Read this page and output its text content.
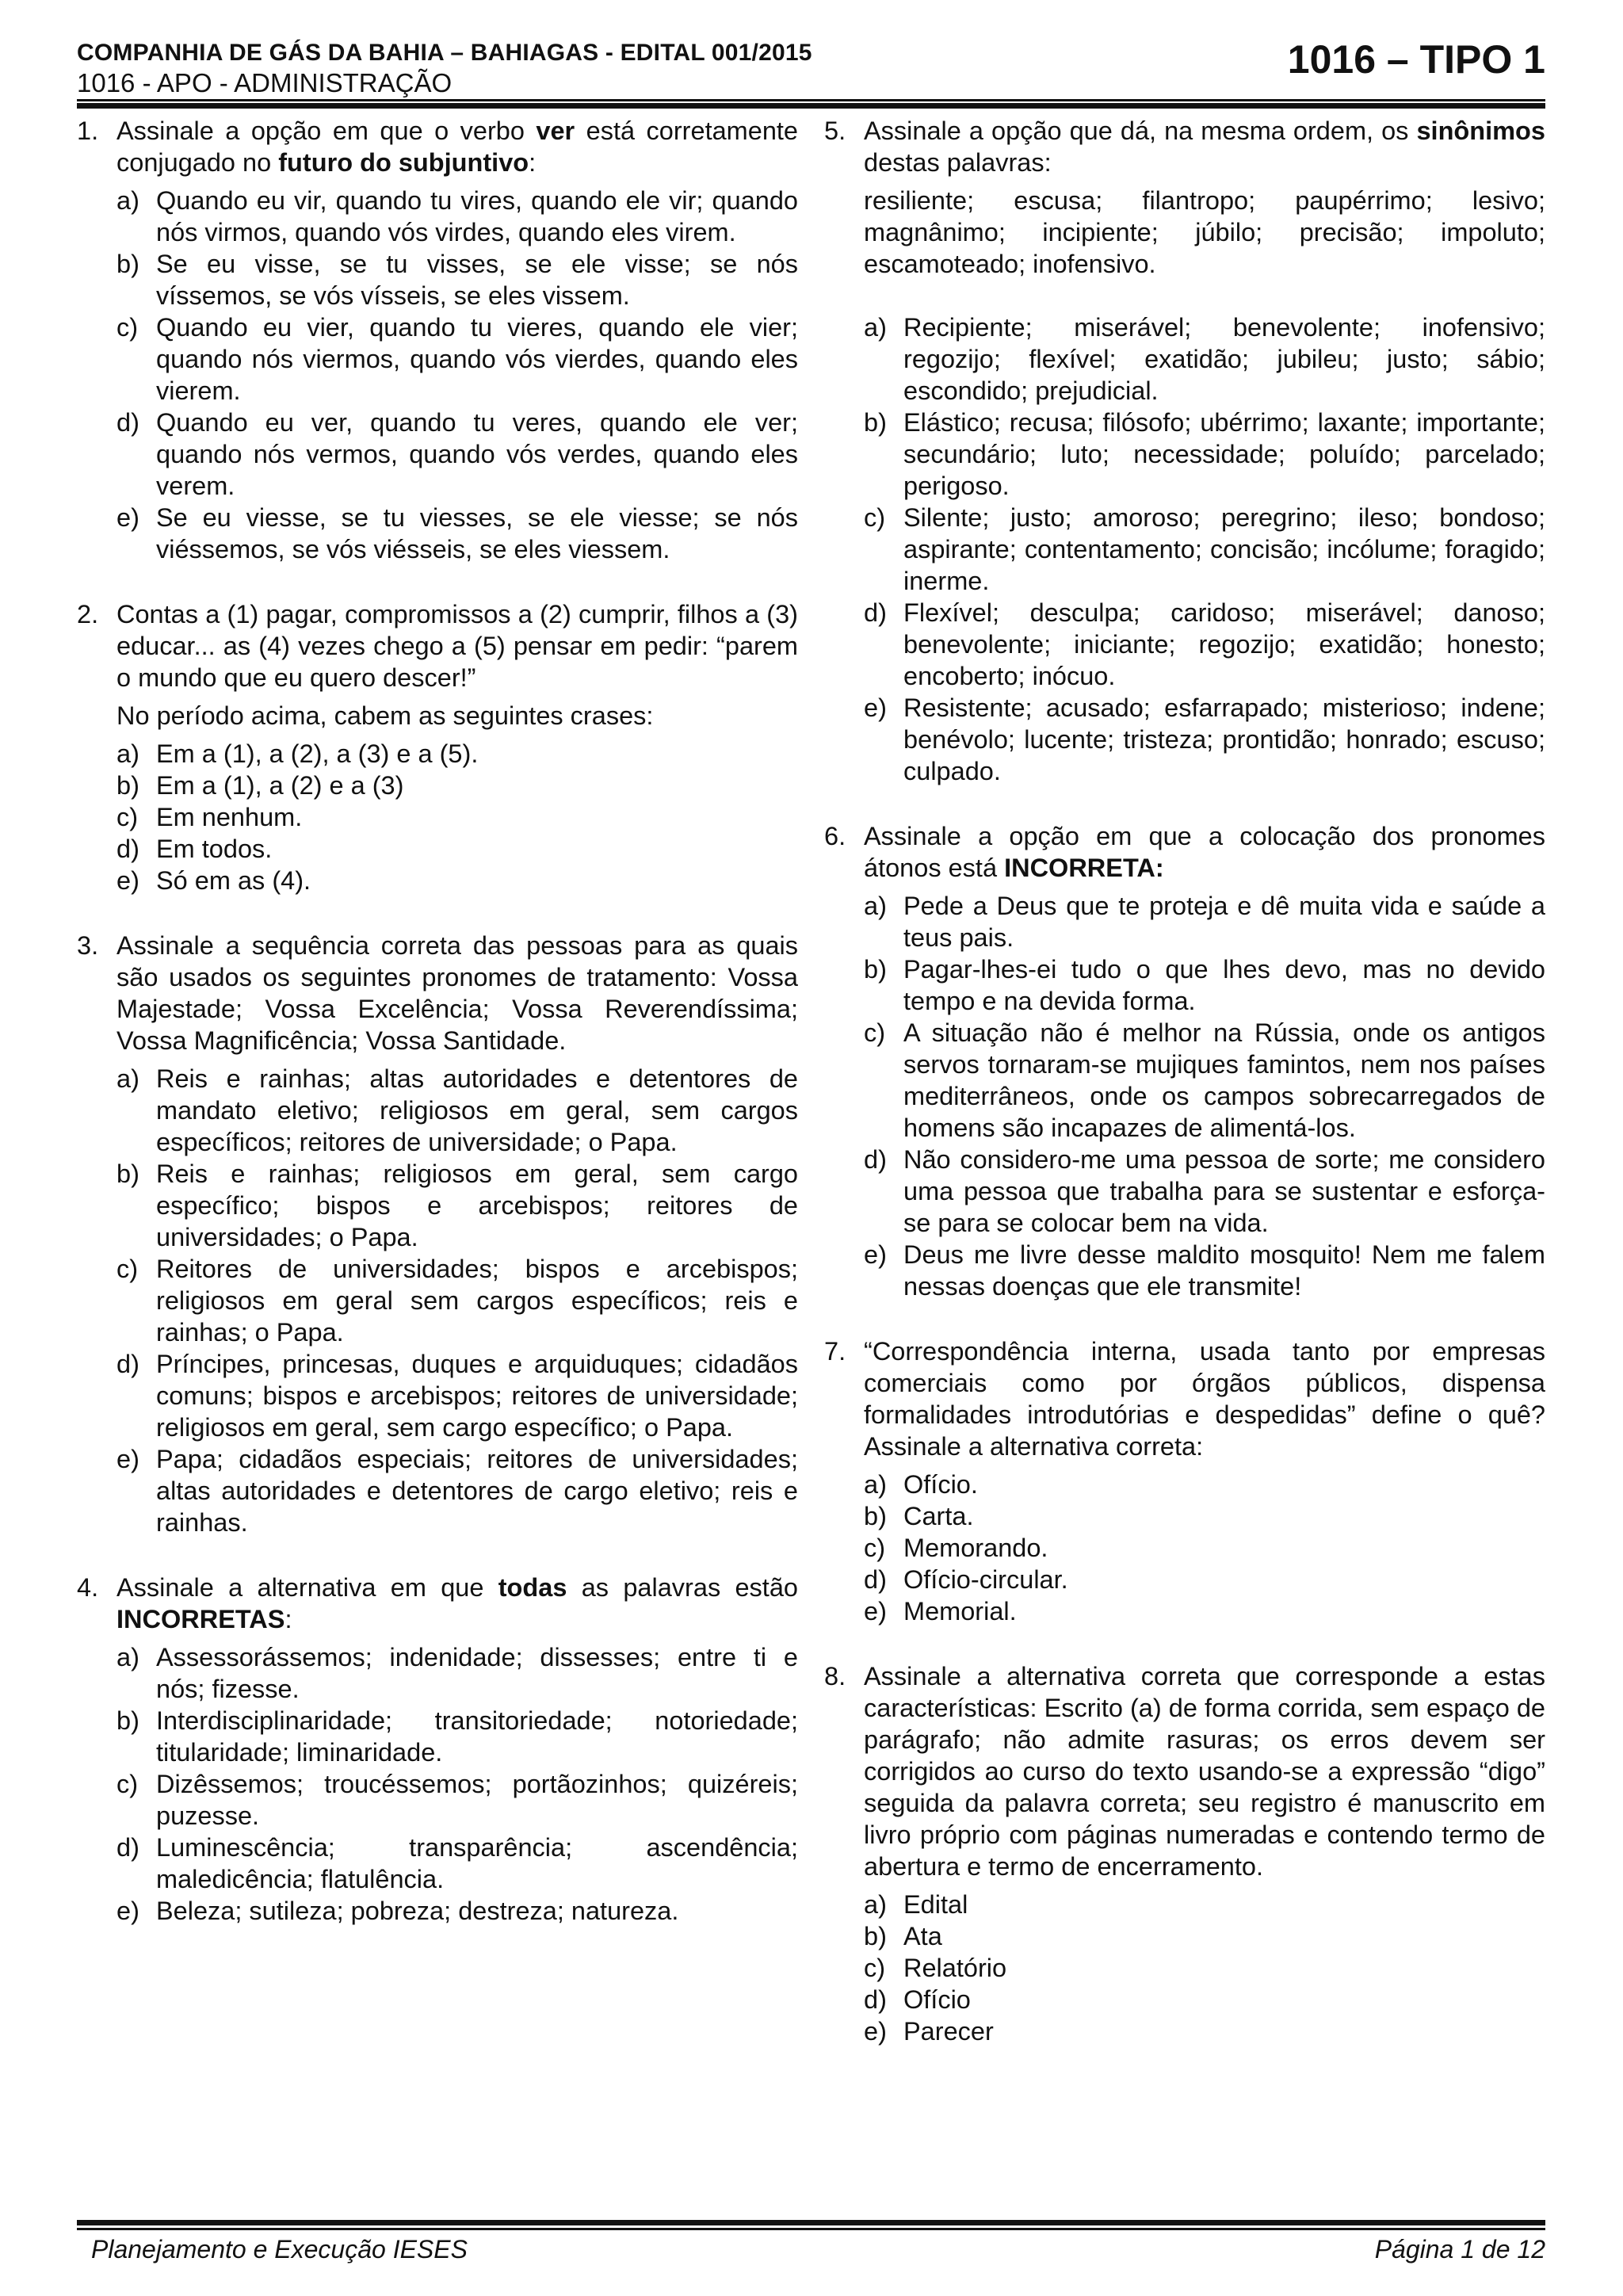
COMPANHIA DE GÁS DA BAHIA – BAHIAGAS - EDITAL 001/2015
1016 - APO - ADMINISTRAÇÃO
1016 – TIPO 1
1. Assinale a opção em que o verbo ver está corretamente conjugado no futuro do subjuntivo:
a) Quando eu vir, quando tu vires, quando ele vir; quando nós virmos, quando vós virdes, quando eles virem.
b) Se eu visse, se tu visses, se ele visse; se nós víssemos, se vós vísseis, se eles vissem.
c) Quando eu vier, quando tu vieres, quando ele vier; quando nós viermos, quando vós vierdes, quando eles vierem.
d) Quando eu ver, quando tu veres, quando ele ver; quando nós vermos, quando vós verdes, quando eles verem.
e) Se eu viesse, se tu viesses, se ele viesse; se nós viéssemos, se vós viésseis, se eles viessem.
2. Contas a (1) pagar, compromissos a (2) cumprir, filhos a (3) educar... as (4) vezes chego a (5) pensar em pedir: “parem o mundo que eu quero descer!”
No período acima, cabem as seguintes crases:
a) Em a (1), a (2), a (3) e a (5).
b) Em a (1), a (2) e a (3)
c) Em nenhum.
d) Em todos.
e) Só em as (4).
3. Assinale a sequência correta das pessoas para as quais são usados os seguintes pronomes de tratamento: Vossa Majestade; Vossa Excelência; Vossa Reverendíssima; Vossa Magnificência; Vossa Santidade.
a) Reis e rainhas; altas autoridades e detentores de mandato eletivo; religiosos em geral, sem cargos específicos; reitores de universidade; o Papa.
b) Reis e rainhas; religiosos em geral, sem cargo específico; bispos e arcebispos; reitores de universidades; o Papa.
c) Reitores de universidades; bispos e arcebispos; religiosos em geral sem cargos específicos; reis e rainhas; o Papa.
d) Príncipes, princesas, duques e arquiduques; cidadãos comuns; bispos e arcebispos; reitores de universidade; religiosos em geral, sem cargo específico; o Papa.
e) Papa; cidadãos especiais; reitores de universidades; altas autoridades e detentores de cargo eletivo; reis e rainhas.
4. Assinale a alternativa em que todas as palavras estão INCORRETAS:
a) Assessorássemos; indenidade; dissesses; entre ti e nós; fizesse.
b) Interdisciplinaridade; transitoriedade; notoriedade; titularidade; liminaridade.
c) Dizêssemos; troucéssemos; portãozinhos; quizéreis; puzesse.
d) Luminescência; transparência; ascendência; maledicência; flatulência.
e) Beleza; sutileza; pobreza; destreza; natureza.
5. Assinale a opção que dá, na mesma ordem, os sinônimos destas palavras:
resiliente; escusa; filantropo; paupérrimo; lesivo; magnânimo; incipiente; júbilo; precisão; impoluto; escamoteado; inofensivo.
a) Recipiente; miserável; benevolente; inofensivo; regozijo; flexível; exatidão; jubileu; justo; sábio; escondido; prejudicial.
b) Elástico; recusa; filósofo; ubérrimo; laxante; importante; secundário; luto; necessidade; poluído; parcelado; perigoso.
c) Silente; justo; amoroso; peregrino; ileso; bondoso; aspirante; contentamento; concisão; incólume; foragido; inerme.
d) Flexível; desculpa; caridoso; miserável; danoso; benevolente; iniciante; regozijo; exatidão; honesto; encoberto; inócuo.
e) Resistente; acusado; esfarrapado; misterioso; indene; benévolo; lucente; tristeza; prontidão; honrado; escuso; culpado.
6. Assinale a opção em que a colocação dos pronomes átonos está INCORRETA:
a) Pede a Deus que te proteja e dê muita vida e saúde a teus pais.
b) Pagar-lhes-ei tudo o que lhes devo, mas no devido tempo e na devida forma.
c) A situação não é melhor na Rússia, onde os antigos servos tornaram-se mujiques famintos, nem nos países mediterrâneos, onde os campos sobrecarregados de homens são incapazes de alimentá-los.
d) Não considero-me uma pessoa de sorte; me considero uma pessoa que trabalha para se sustentar e esforça-se para se colocar bem na vida.
e) Deus me livre desse maldito mosquito! Nem me falem nessas doenças que ele transmite!
7. “Correspondência interna, usada tanto por empresas comerciais como por órgãos públicos, dispensa formalidades introdutórias e despedidas” define o quê? Assinale a alternativa correta:
a) Ofício.
b) Carta.
c) Memorando.
d) Ofício-circular.
e) Memorial.
8. Assinale a alternativa correta que corresponde a estas características: Escrito (a) de forma corrida, sem espaço de parágrafo; não admite rasuras; os erros devem ser corrigidos ao curso do texto usando-se a expressão “digo” seguida da palavra correta; seu registro é manuscrito em livro próprio com páginas numeradas e contendo termo de abertura e termo de encerramento.
a) Edital
b) Ata
c) Relatório
d) Ofício
e) Parecer
Planejamento e Execução IESES	Página 1 de 12
